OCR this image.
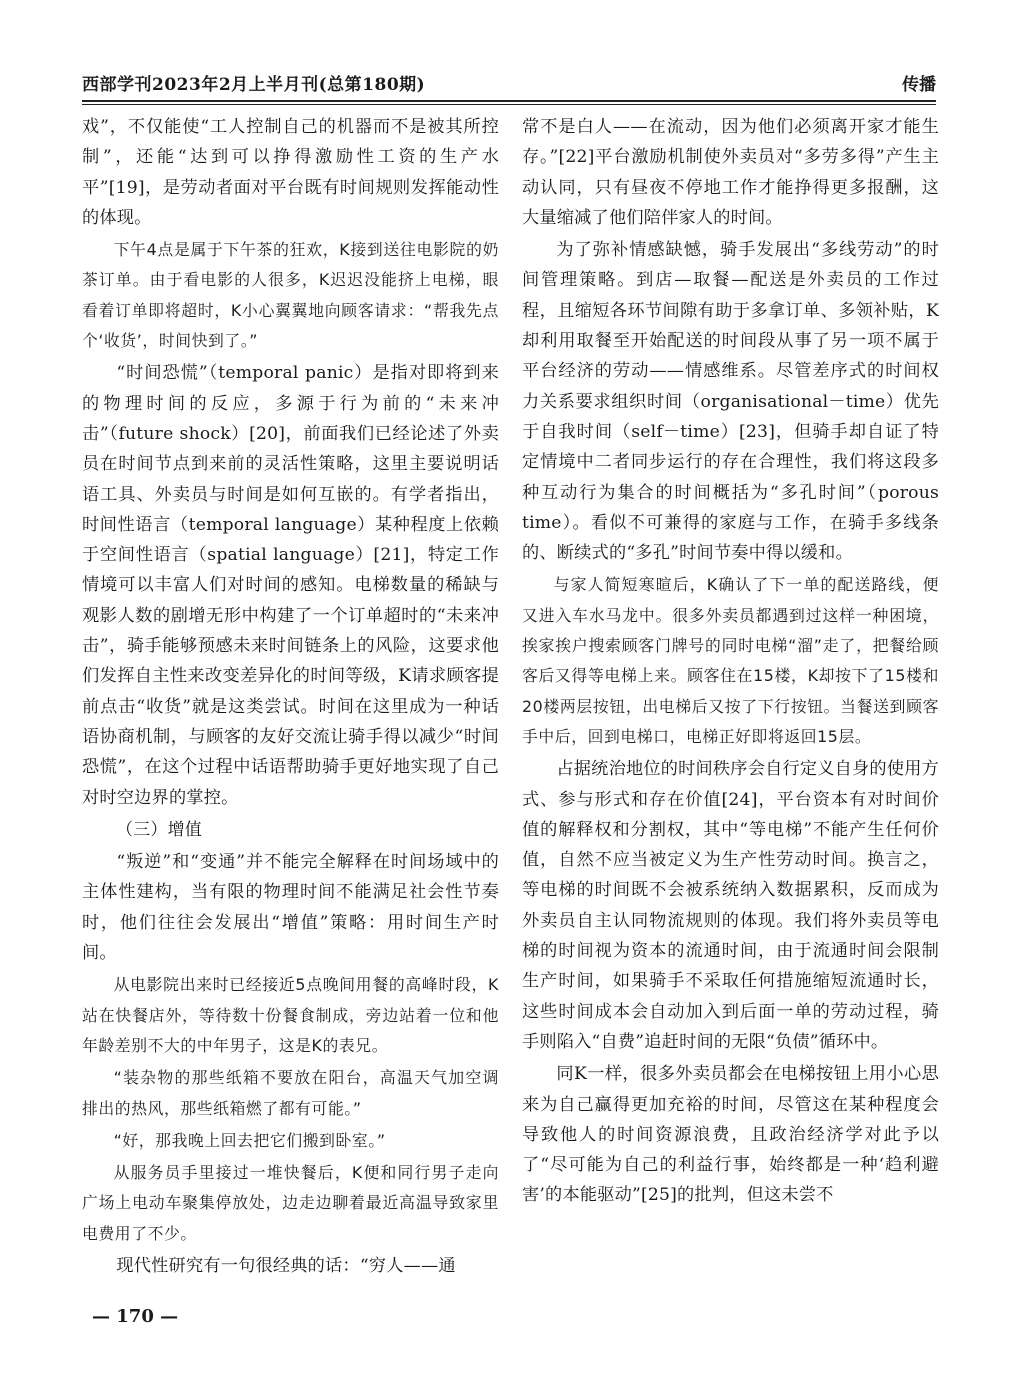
西部学刊2023年2月上半月刊(总第180期)	传播

戏”，不仅能使“工人控制自己的机器而不是被其所控制”，还能“达到可以挣得激励性工资的生产水平”[19]，是劳动者面对平台既有时间规则发挥能动性的体现。

下午4点是属于下午茶的狂欢，K接到送往电影院的奶茶订单。由于看电影的人很多，K迟迟没能挤上电梯，眼看着订单即将超时，K小心翼翼地向顾客请求：“帮我先点个‘收货’，时间快到了。”

“时间恐慌”（temporal panic）是指对即将到来的物理时间的反应，多源于行为前的“未来冲击”（future shock）[20]，前面我们已经论述了外卖员在时间节点到来前的灵活性策略，这里主要说明话语工具、外卖员与时间是如何互嵌的。有学者指出，时间性语言（temporal language）某种程度上依赖于空间性语言（spatial language）[21]，特定工作情境可以丰富人们对时间的感知。电梯数量的稀缺与观影人数的剧增无形中构建了一个订单超时的“未来冲击”，骑手能够预感未来时间链条上的风险，这要求他们发挥自主性来改变差异化的时间等级，K请求顾客提前点击“收货”就是这类尝试。时间在这里成为一种话语协商机制，与顾客的友好交流让骑手得以减少“时间恐慌”，在这个过程中话语帮助骑手更好地实现了自己对时空边界的掌控。

（三）增值

“叛逆”和“变通”并不能完全解释在时间场域中的主体性建构，当有限的物理时间不能满足社会性节奏时，他们往往会发展出“增值”策略：用时间生产时间。

从电影院出来时已经接近5点晚间用餐的高峰时段，K站在快餐店外，等待数十份餐食制成，旁边站着一位和他年龄差别不大的中年男子，这是K的表兄。

“装杂物的那些纸箱不要放在阳台，高温天气加空调排出的热风，那些纸箱燃了都有可能。”

“好，那我晚上回去把它们搬到卧室。”

从服务员手里接过一堆快餐后，K便和同行男子走向广场上电动车聚集停放处，边走边聊着最近高温导致家里电费用了不少。

现代性研究有一句很经典的话：“穷人——通

常不是白人——在流动，因为他们必须离开家才能生存。”[22]平台激励机制使外卖员对“多劳多得”产生主动认同，只有昼夜不停地工作才能挣得更多报酬，这大量缩减了他们陪伴家人的时间。

为了弥补情感缺憾，骑手发展出“多线劳动”的时间管理策略。到店—取餐—配送是外卖员的工作过程，且缩短各环节间隙有助于多拿订单、多领补贴，K却利用取餐至开始配送的时间段从事了另一项不属于平台经济的劳动——情感维系。尽管差序式的时间权力关系要求组织时间（organisational－time）优先于自我时间（self－time）[23]，但骑手却自证了特定情境中二者同步运行的存在合理性，我们将这段多种互动行为集合的时间概括为“多孔时间”（porous time）。看似不可兼得的家庭与工作，在骑手多线条的、断续式的“多孔”时间节奏中得以缓和。

与家人简短寒暄后，K确认了下一单的配送路线，便又进入车水马龙中。很多外卖员都遇到过这样一种困境，挨家挨户搜索顾客门牌号的同时电梯“溜”走了，把餐给顾客后又得等电梯上来。顾客住在15楼，K却按下了15楼和20楼两层按钮，出电梯后又按了下行按钮。当餐送到顾客手中后，回到电梯口，电梯正好即将返回15层。

占据统治地位的时间秩序会自行定义自身的使用方式、参与形式和存在价值[24]，平台资本有对时间价值的解释权和分割权，其中“等电梯”不能产生任何价值，自然不应当被定义为生产性劳动时间。换言之，等电梯的时间既不会被系统纳入数据累积，反而成为外卖员自主认同物流规则的体现。我们将外卖员等电梯的时间视为资本的流通时间，由于流通时间会限制生产时间，如果骑手不采取任何措施缩短流通时长，这些时间成本会自动加入到后面一单的劳动过程，骑手则陷入“自费”追赶时间的无限“负债”循环中。

同K一样，很多外卖员都会在电梯按钮上用小心思来为自己赢得更加充裕的时间，尽管这在某种程度会导致他人的时间资源浪费，且政治经济学对此予以了“尽可能为自己的利益行事，始终都是一种‘趋利避害’的本能驱动”[25]的批判，但这未尝不

— 170 —
